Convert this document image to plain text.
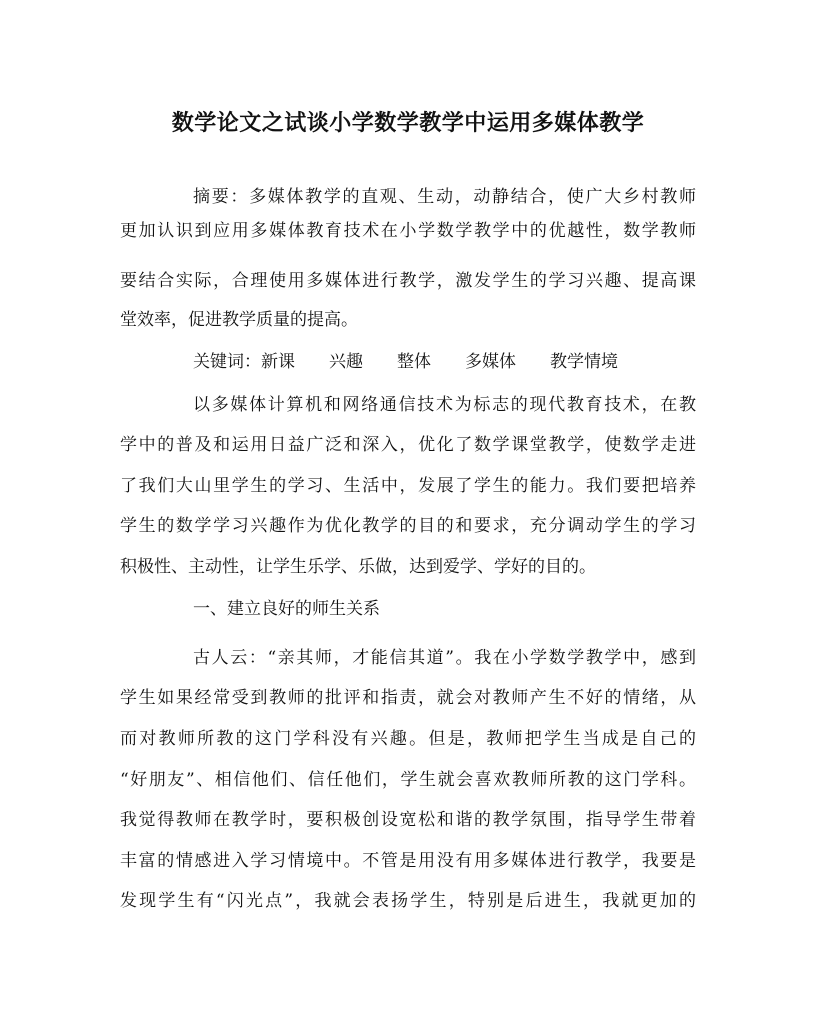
数学论文之试谈小学数学教学中运用多媒体教学
摘要：多媒体教学的直观、生动，动静结合，使广大乡村教师
更加认识到应用多媒体教育技术在小学数学教学中的优越性，数学教师
要结合实际，合理使用多媒体进行教学，激发学生的学习兴趣、提高课
堂效率，促进教学质量的提高。
关键词：新课 兴趣 整体 多媒体 教学情境
以多媒体计算机和网络通信技术为标志的现代教育技术，在教
学中的普及和运用日益广泛和深入，优化了数学课堂教学，使数学走进
了我们大山里学生的学习、生活中，发展了学生的能力。我们要把培养
学生的数学学习兴趣作为优化教学的目的和要求，充分调动学生的学习
积极性、主动性，让学生乐学、乐做，达到爱学、学好的目的。
一、建立良好的师生关系
古人云：“亲其师，才能信其道”。我在小学数学教学中，感到
学生如果经常受到教师的批评和指责，就会对教师产生不好的情绪，从
而对教师所教的这门学科没有兴趣。但是，教师把学生当成是自己的
“好朋友”、相信他们、信任他们，学生就会喜欢教师所教的这门学科。
我觉得教师在教学时，要积极创设宽松和谐的教学氛围，指导学生带着
丰富的情感进入学习情境中。不管是用没有用多媒体进行教学，我要是
发现学生有“闪光点”，我就会表扬学生，特别是后进生，我就更加的
